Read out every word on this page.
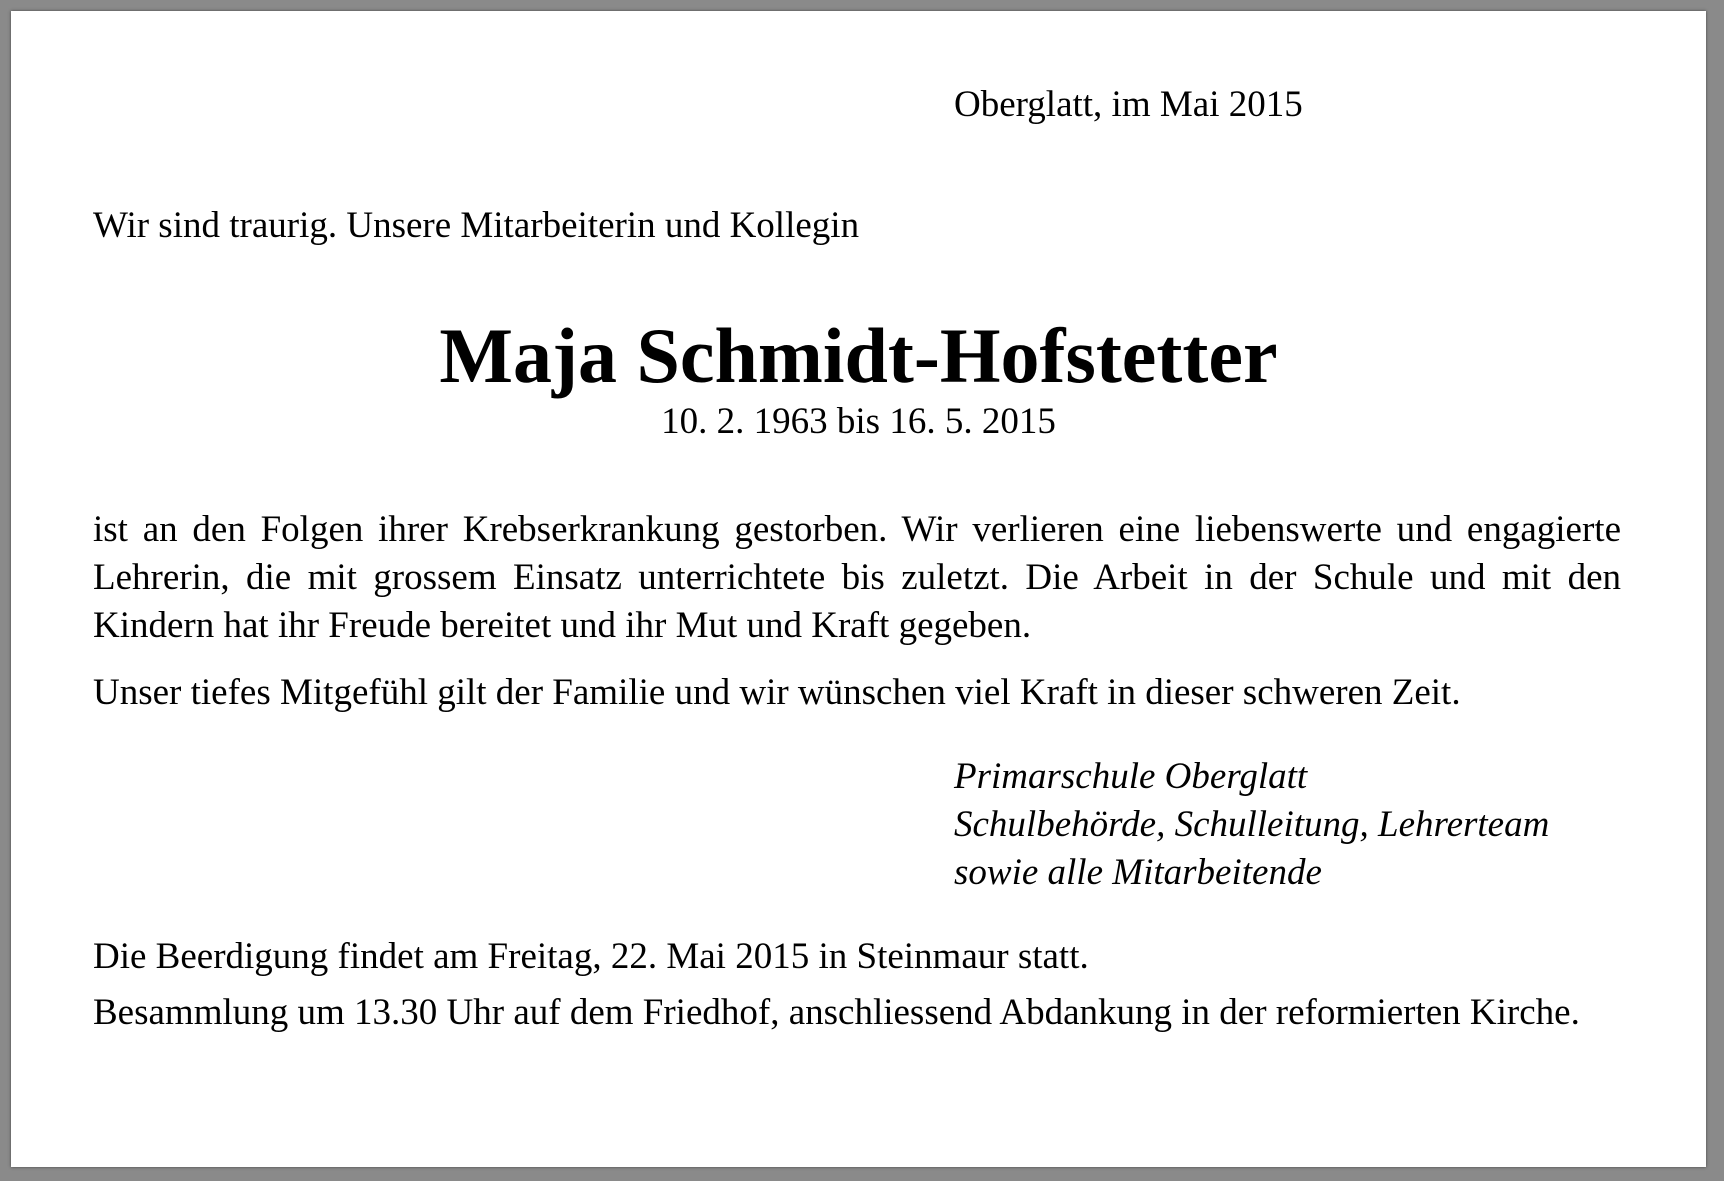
Oberglatt, im Mai 2015
Wir sind traurig. Unsere Mitarbeiterin und Kollegin
Maja Schmidt-Hofstetter
10. 2. 1963 bis 16. 5. 2015

ist an den Folgen ihrer Krebserkrankung gestorben. Wir verlieren eine liebenswerte und engagierte Lehrerin, die mit grossem Einsatz unterrichtete bis zuletzt. Die Arbeit in der Schule und mit den Kindern hat ihr Freude bereitet und ihr Mut und Kraft gegeben.

Unser tiefes Mitgefühl gilt der Familie und wir wünschen viel Kraft in dieser schweren Zeit.

Primarschule Oberglatt
Schulbehörde, Schulleitung, Lehrerteam
sowie alle Mitarbeitende

Die Beerdigung findet am Freitag, 22. Mai 2015 in Steinmaur statt.

Besammlung um 13.30 Uhr auf dem Friedhof, anschliessend Abdankung in der reformierten Kirche.
